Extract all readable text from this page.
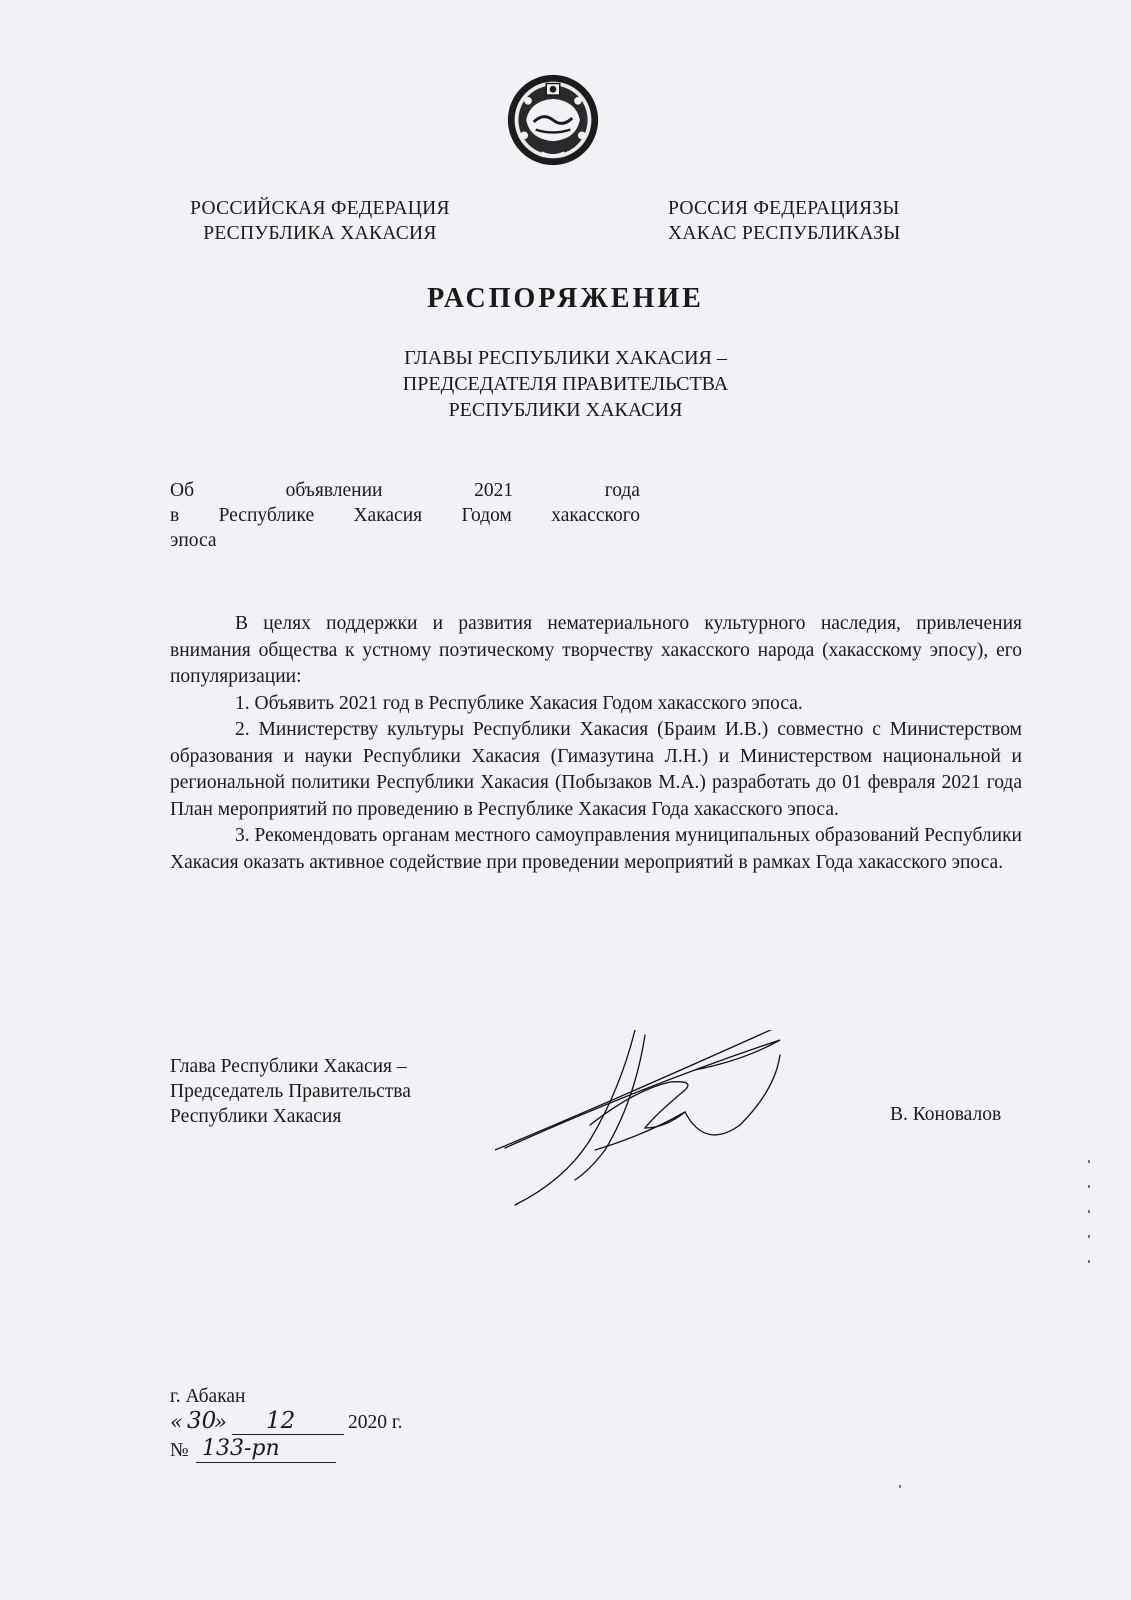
РОССИЙСКАЯ ФЕДЕРАЦИЯ
РЕСПУБЛИКА ХАКАСИЯ
РОССИЯ ФЕДЕРАЦИЯЗЫ
ХАКАС РЕСПУБЛИКАЗЫ
РАСПОРЯЖЕНИЕ
ГЛАВЫ РЕСПУБЛИКИ ХАКАСИЯ –
ПРЕДСЕДАТЕЛЯ ПРАВИТЕЛЬСТВА
РЕСПУБЛИКИ ХАКАСИЯ
Об	объявлении	2021	года
в Республике Хакасия Годом хакасского
эпоса

В целях поддержки и развития нематериального культурного наследия, привлечения внимания общества к устному поэтическому творчеству хакасского народа (хакасскому эпосу), его популяризации:

1. Объявить 2021 год в Республике Хакасия Годом хакасского эпоса.

2. Министерству культуры Республики Хакасия (Браим И.В.) совместно с Министерством образования и науки Республики Хакасия (Гимазутина Л.Н.) и Министерством национальной и региональной политики Республики Хакасия (Побызаков М.А.) разработать до 01 февраля 2021 года План мероприятий по проведению в Республике Хакасия Года хакасского эпоса.

3. Рекомендовать органам местного самоуправления муниципальных образований Республики Хакасия оказать активное содействие при проведении мероприятий в рамках Года хакасского эпоса.

Глава Республики Хакасия –
Председатель Правительства
Республики Хакасия	В. Коновалов
г. Абакан
« 30
» 12	2020 г.
№ 133-рп
